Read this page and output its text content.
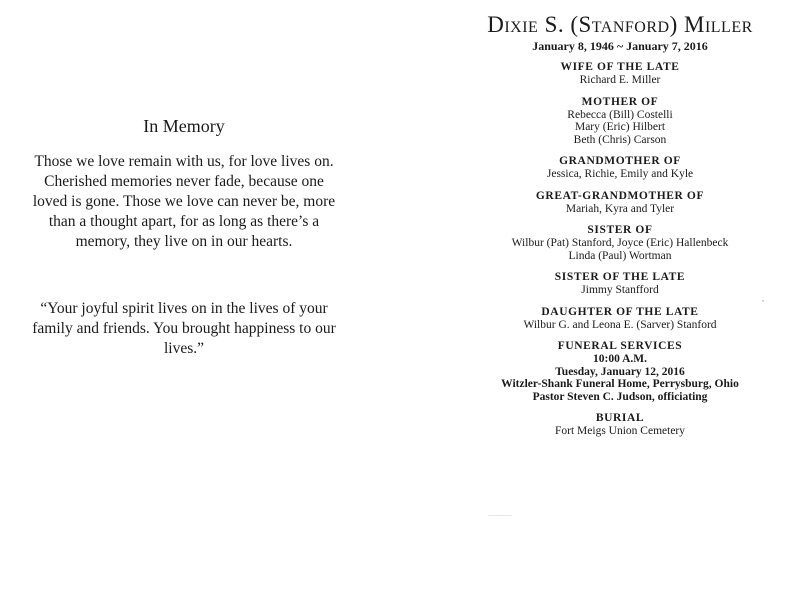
In Memory

Those we love remain with us, for love lives on.
Cherished memories never fade, because one
loved is gone. Those we love can never be, more
than a thought apart, for as long as there’s a
memory, they live on in our hearts.

“Your joyful spirit lives on in the lives of your
family and friends. You brought happiness to our
lives.”

Dixie S. (Stanford) Miller
January 8, 1946 ~ January 7, 2016
WIFE OF THE LATE
Richard E. Miller
MOTHER OF
Rebecca (Bill) Costelli
Mary (Eric) Hilbert
Beth (Chris) Carson
GRANDMOTHER OF
Jessica, Richie, Emily and Kyle
GREAT-GRANDMOTHER OF
Mariah, Kyra and Tyler
SISTER OF
Wilbur (Pat) Stanford, Joyce (Eric) Hallenbeck
Linda (Paul) Wortman
SISTER OF THE LATE
Jimmy Stanfford
DAUGHTER OF THE LATE
Wilbur G. and Leona E. (Sarver) Stanford
FUNERAL SERVICES
10:00 A.M.
Tuesday, January 12, 2016
Witzler-Shank Funeral Home, Perrysburg, Ohio
Pastor Steven C. Judson, officiating
BURIAL
Fort Meigs Union Cemetery
